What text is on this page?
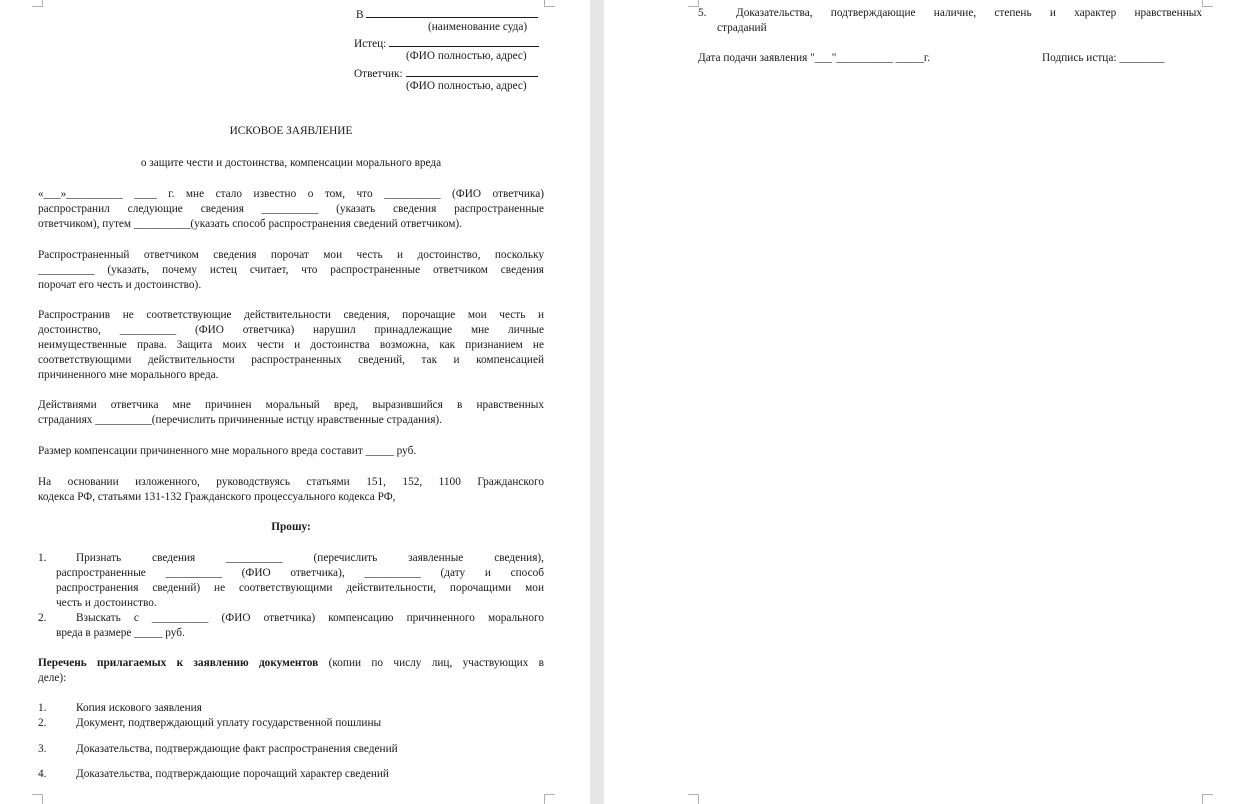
В
(наименование суда)
Истец:
(ФИО полностью, адрес)
Ответчик:
(ФИО полностью, адрес)
ИСКОВОЕ ЗАЯВЛЕНИЕ
о защите чести и достоинства, компенсации морального вреда
«___»__________ ____ г. мне стало известно о том, что __________ (ФИО ответчика)
распространил следующие сведения __________ (указать сведения распространенные
ответчиком), путем __________(указать способ распространения сведений ответчиком).
Распространенный ответчиком сведения порочат мои честь и достоинство, поскольку
__________ (указать, почему истец считает, что распространенные ответчиком сведения
порочат его честь и достоинство).
Распространив не соответствующие действительности сведения, порочащие мои честь и
достоинство, __________ (ФИО ответчика) нарушил принадлежащие мне личные
неимущественные права. Защита моих чести и достоинства возможна, как признанием не
соответствующими действительности распространенных сведений, так и компенсацией
причиненного мне морального вреда.
Действиями ответчика мне причинен моральный вред, выразившийся в нравственных
страданиях __________(перечислить причиненные истцу нравственные страдания).
Размер компенсации причиненного мне морального вреда составит _____ руб.
На основании изложенного, руководствуясь статьями 151, 152, 1100 Гражданского
кодекса РФ, статьями 131-132 Гражданского процессуального кодекса РФ,
Прошу:
1.	Признать сведения __________ (перечислить заявленные сведения),
распространенные __________ (ФИО ответчика), __________ (дату и способ
распространения сведений) не соответствующими действительности, порочащими мои
честь и достоинство.
2.	Взыскать с __________ (ФИО ответчика) компенсацию причиненного морального
вреда в размере _____ руб.
Перечень прилагаемых к заявлению документов (копии по числу лиц, участвующих в
деле):
1.	Копия искового заявления
2.	Документ, подтверждающий уплату государственной пошлины
3.	Доказательства, подтверждающие факт распространения сведений
4.	Доказательства, подтверждающие порочащий характер сведений
5.	Доказательства, подтверждающие наличие, степень и характер нравственных
страданий
Дата подачи заявления "___"__________ _____г.	Подпись истца: ________
